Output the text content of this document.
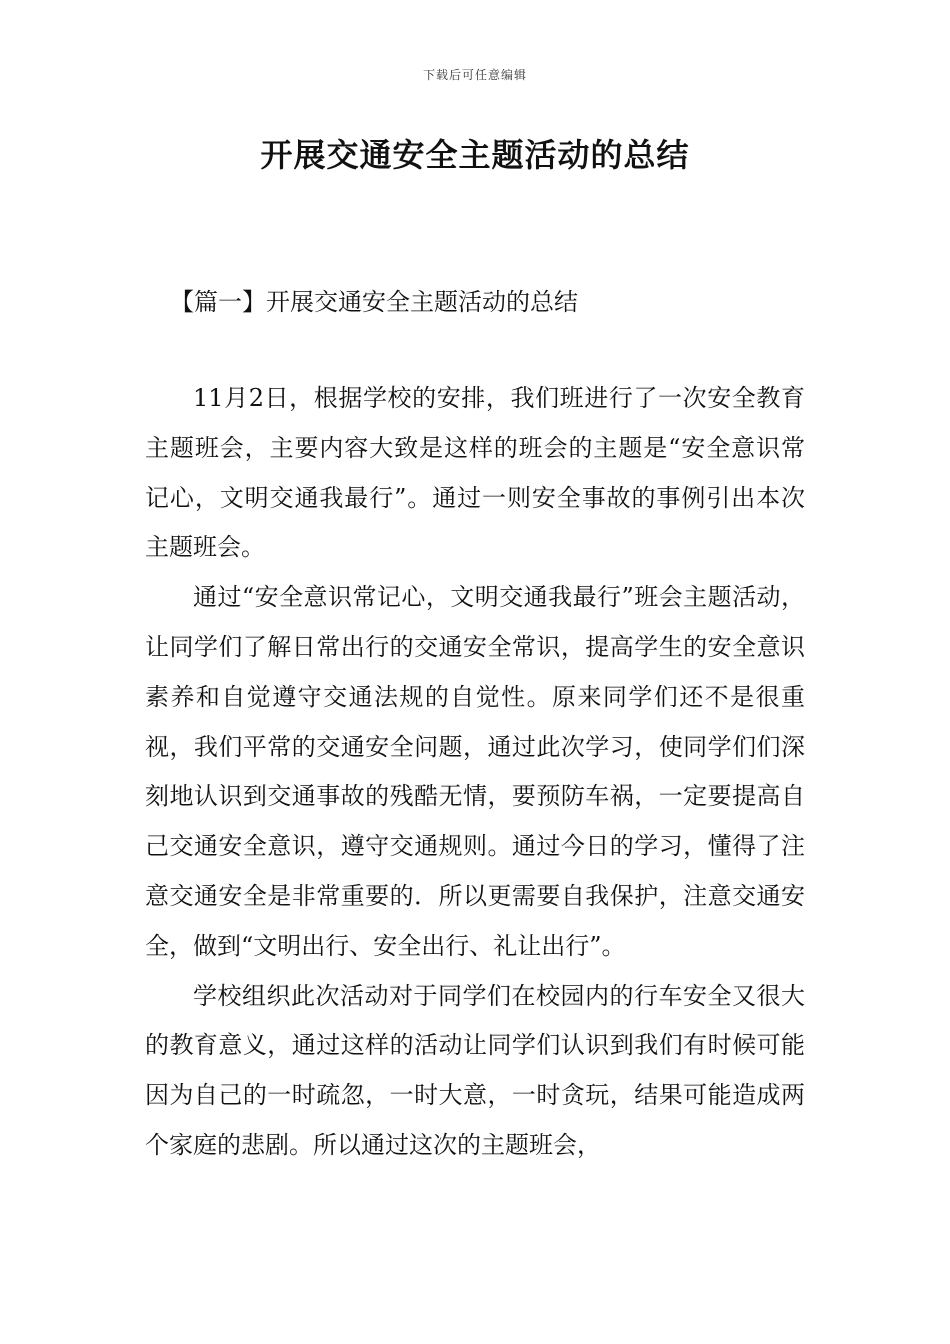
下载后可任意编辑
开展交通安全主题活动的总结
【篇一】开展交通安全主题活动的总结

11月2日，根据学校的安排，我们班进行了一次安全教育主题班会，主要内容大致是这样的班会的主题是“安全意识常记心，文明交通我最行”。通过一则安全事故的事例引出本次主题班会。

通过“安全意识常记心，文明交通我最行”班会主题活动，让同学们了解日常出行的交通安全常识，提高学生的安全意识素养和自觉遵守交通法规的自觉性。原来同学们还不是很重视，我们平常的交通安全问题，通过此次学习，使同学们们深刻地认识到交通事故的残酷无情，要预防车祸，一定要提高自己交通安全意识，遵守交通规则。通过今日的学习，懂得了注意交通安全是非常重要的．所以更需要自我保护，注意交通安全，做到“文明出行、安全出行、礼让出行”。

学校组织此次活动对于同学们在校园内的行车安全又很大的教育意义，通过这样的活动让同学们认识到我们有时候可能因为自己的一时疏忽，一时大意，一时贪玩，结果可能造成两个家庭的悲剧。所以通过这次的主题班会，
